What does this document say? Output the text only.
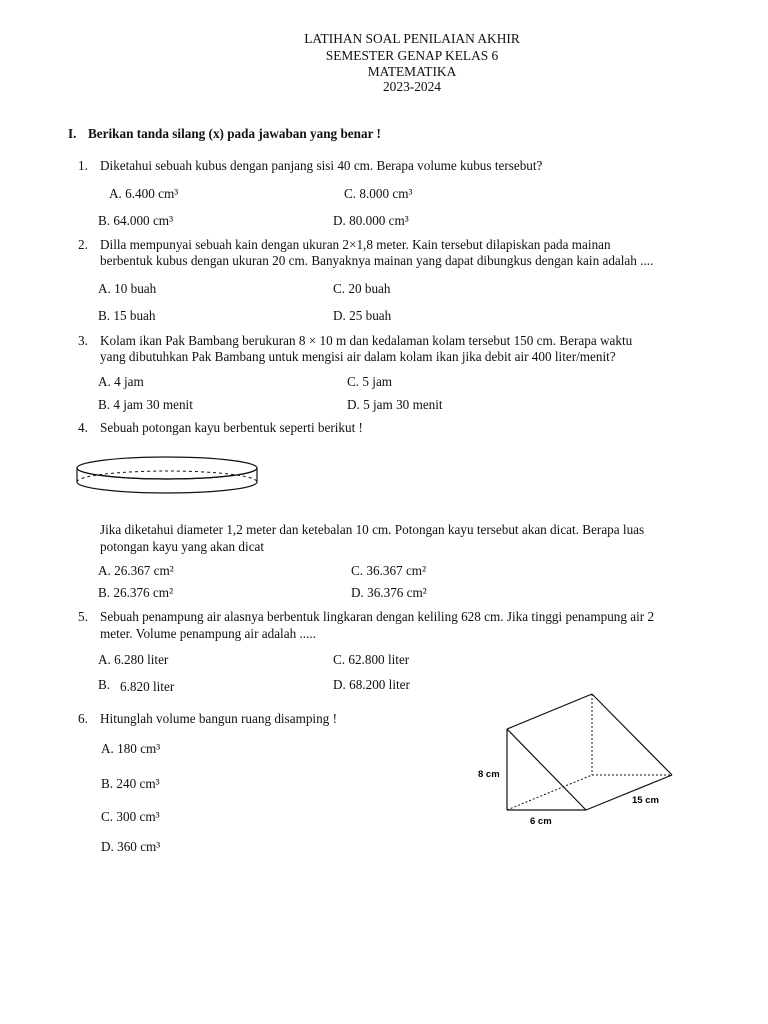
LATIHAN SOAL PENILAIAN AKHIR
SEMESTER GENAP KELAS 6
MATEMATIKA
2023-2024
I. Berikan tanda silang (x) pada jawaban yang benar !
1. Diketahui sebuah kubus dengan panjang sisi 40 cm. Berapa volume kubus tersebut?
A. 6.400 cm³	C. 8.000 cm³
B. 64.000 cm³	D. 80.000 cm³
2. Dilla mempunyai sebuah kain dengan ukuran 2×1,8 meter. Kain tersebut dilapiskan pada mainan
berbentuk kubus dengan ukuran 20 cm. Banyaknya mainan yang dapat dibungkus dengan kain adalah ....
A. 10 buah	C. 20 buah
B. 15 buah	D. 25 buah
3. Kolam ikan Pak Bambang berukuran 8 × 10 m dan kedalaman kolam tersebut 150 cm. Berapa waktu
yang dibutuhkan Pak Bambang untuk mengisi air dalam kolam ikan jika debit air 400 liter/menit?
A. 4 jam	C. 5 jam
B. 4 jam 30 menit	D. 5 jam 30 menit
4. Sebuah potongan kayu berbentuk seperti berikut !
Jika diketahui diameter 1,2 meter dan ketebalan 10 cm. Potongan kayu tersebut akan dicat. Berapa luas
potongan kayu yang akan dicat
A. 26.367 cm²	C. 36.367 cm²
B. 26.376 cm²	D. 36.376 cm²
5. Sebuah penampung air alasnya berbentuk lingkaran dengan keliling 628 cm. Jika tinggi penampung air 2
meter. Volume penampung air adalah .....
A. 6.280 liter	C. 62.800 liter
B. 6.820 liter	D. 68.200 liter
6. Hitunglah volume bangun ruang disamping !
A. 180 cm³
B. 240 cm³
C. 300 cm³
D. 360 cm³
8 cm
6 cm
15 cm
